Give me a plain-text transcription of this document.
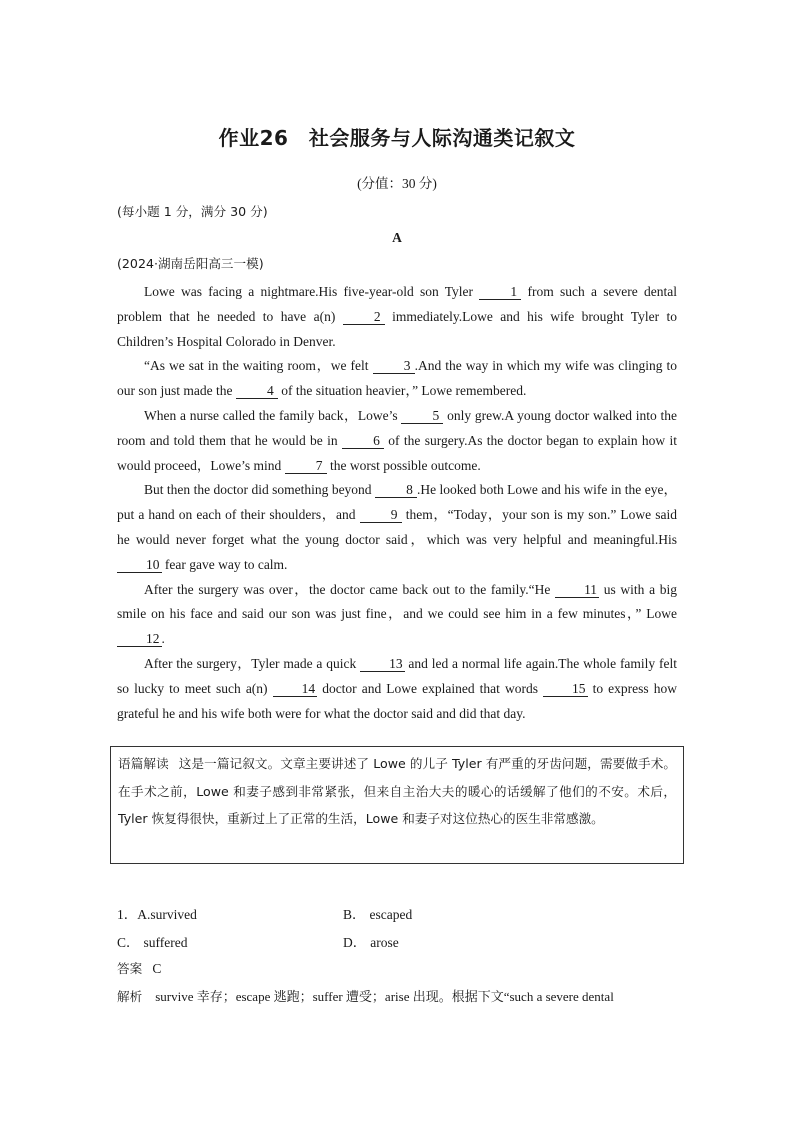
作业26　社会服务与人际沟通类记叙文
(分值：30 分)
(每小题 1 分，满分 30 分)
A
(2024·湖南岳阳高三一模)

Lowe was facing a nightmare.His five-year-old son Tyler 1 from such a severe dental problem that he needed to have a(n) 2 immediately.Lowe and his wife brought Tyler to Children’s Hospital Colorado in Denver.

“As we sat in the waiting room，we felt 3 .And the way in which my wife was clinging to our son just made the 4 of the situation heavier，” Lowe remembered.

When a nurse called the family back，Lowe’s 5 only grew.A young doctor walked into the room and told them that he would be in 6 of the surgery.As the doctor began to explain how it would proceed，Lowe’s mind 7 the worst possible outcome.

But then the doctor did something beyond 8 .He looked both Lowe and his wife in the eye，put a hand on each of their shoulders，and 9 them，“Today，your son is my son.” Lowe said he would never forget what the young doctor said，which was very helpful and meaningful.His 10 fear gave way to calm.

After the surgery was over，the doctor came back out to the family.“He 11 us with a big smile on his face and said our son was just fine，and we could see him in a few minutes，” Lowe 12 .

After the surgery，Tyler made a quick 13 and led a normal life again.The whole family felt so lucky to meet such a(n) 14 doctor and Lowe explained that words 15 to express how grateful he and his wife both were for what the doctor said and did that day.

语篇解读 这是一篇记叙文。文章主要讲述了 Lowe 的儿子 Tyler 有严重的牙齿问题，需要做手术。在手术之前，Lowe 和妻子感到非常紧张，但来自主治大夫的暖心的话缓解了他们的不安。术后，Tyler 恢复得很快，重新过上了正常的生活，Lowe 和妻子对这位热心的医生非常感激。
1．A.survived	B． escaped
C． suffered	D． arose
答案 C
解析 survive 幸存；escape 逃跑；suffer 遭受；arise 出现。根据下文“such a severe dental
